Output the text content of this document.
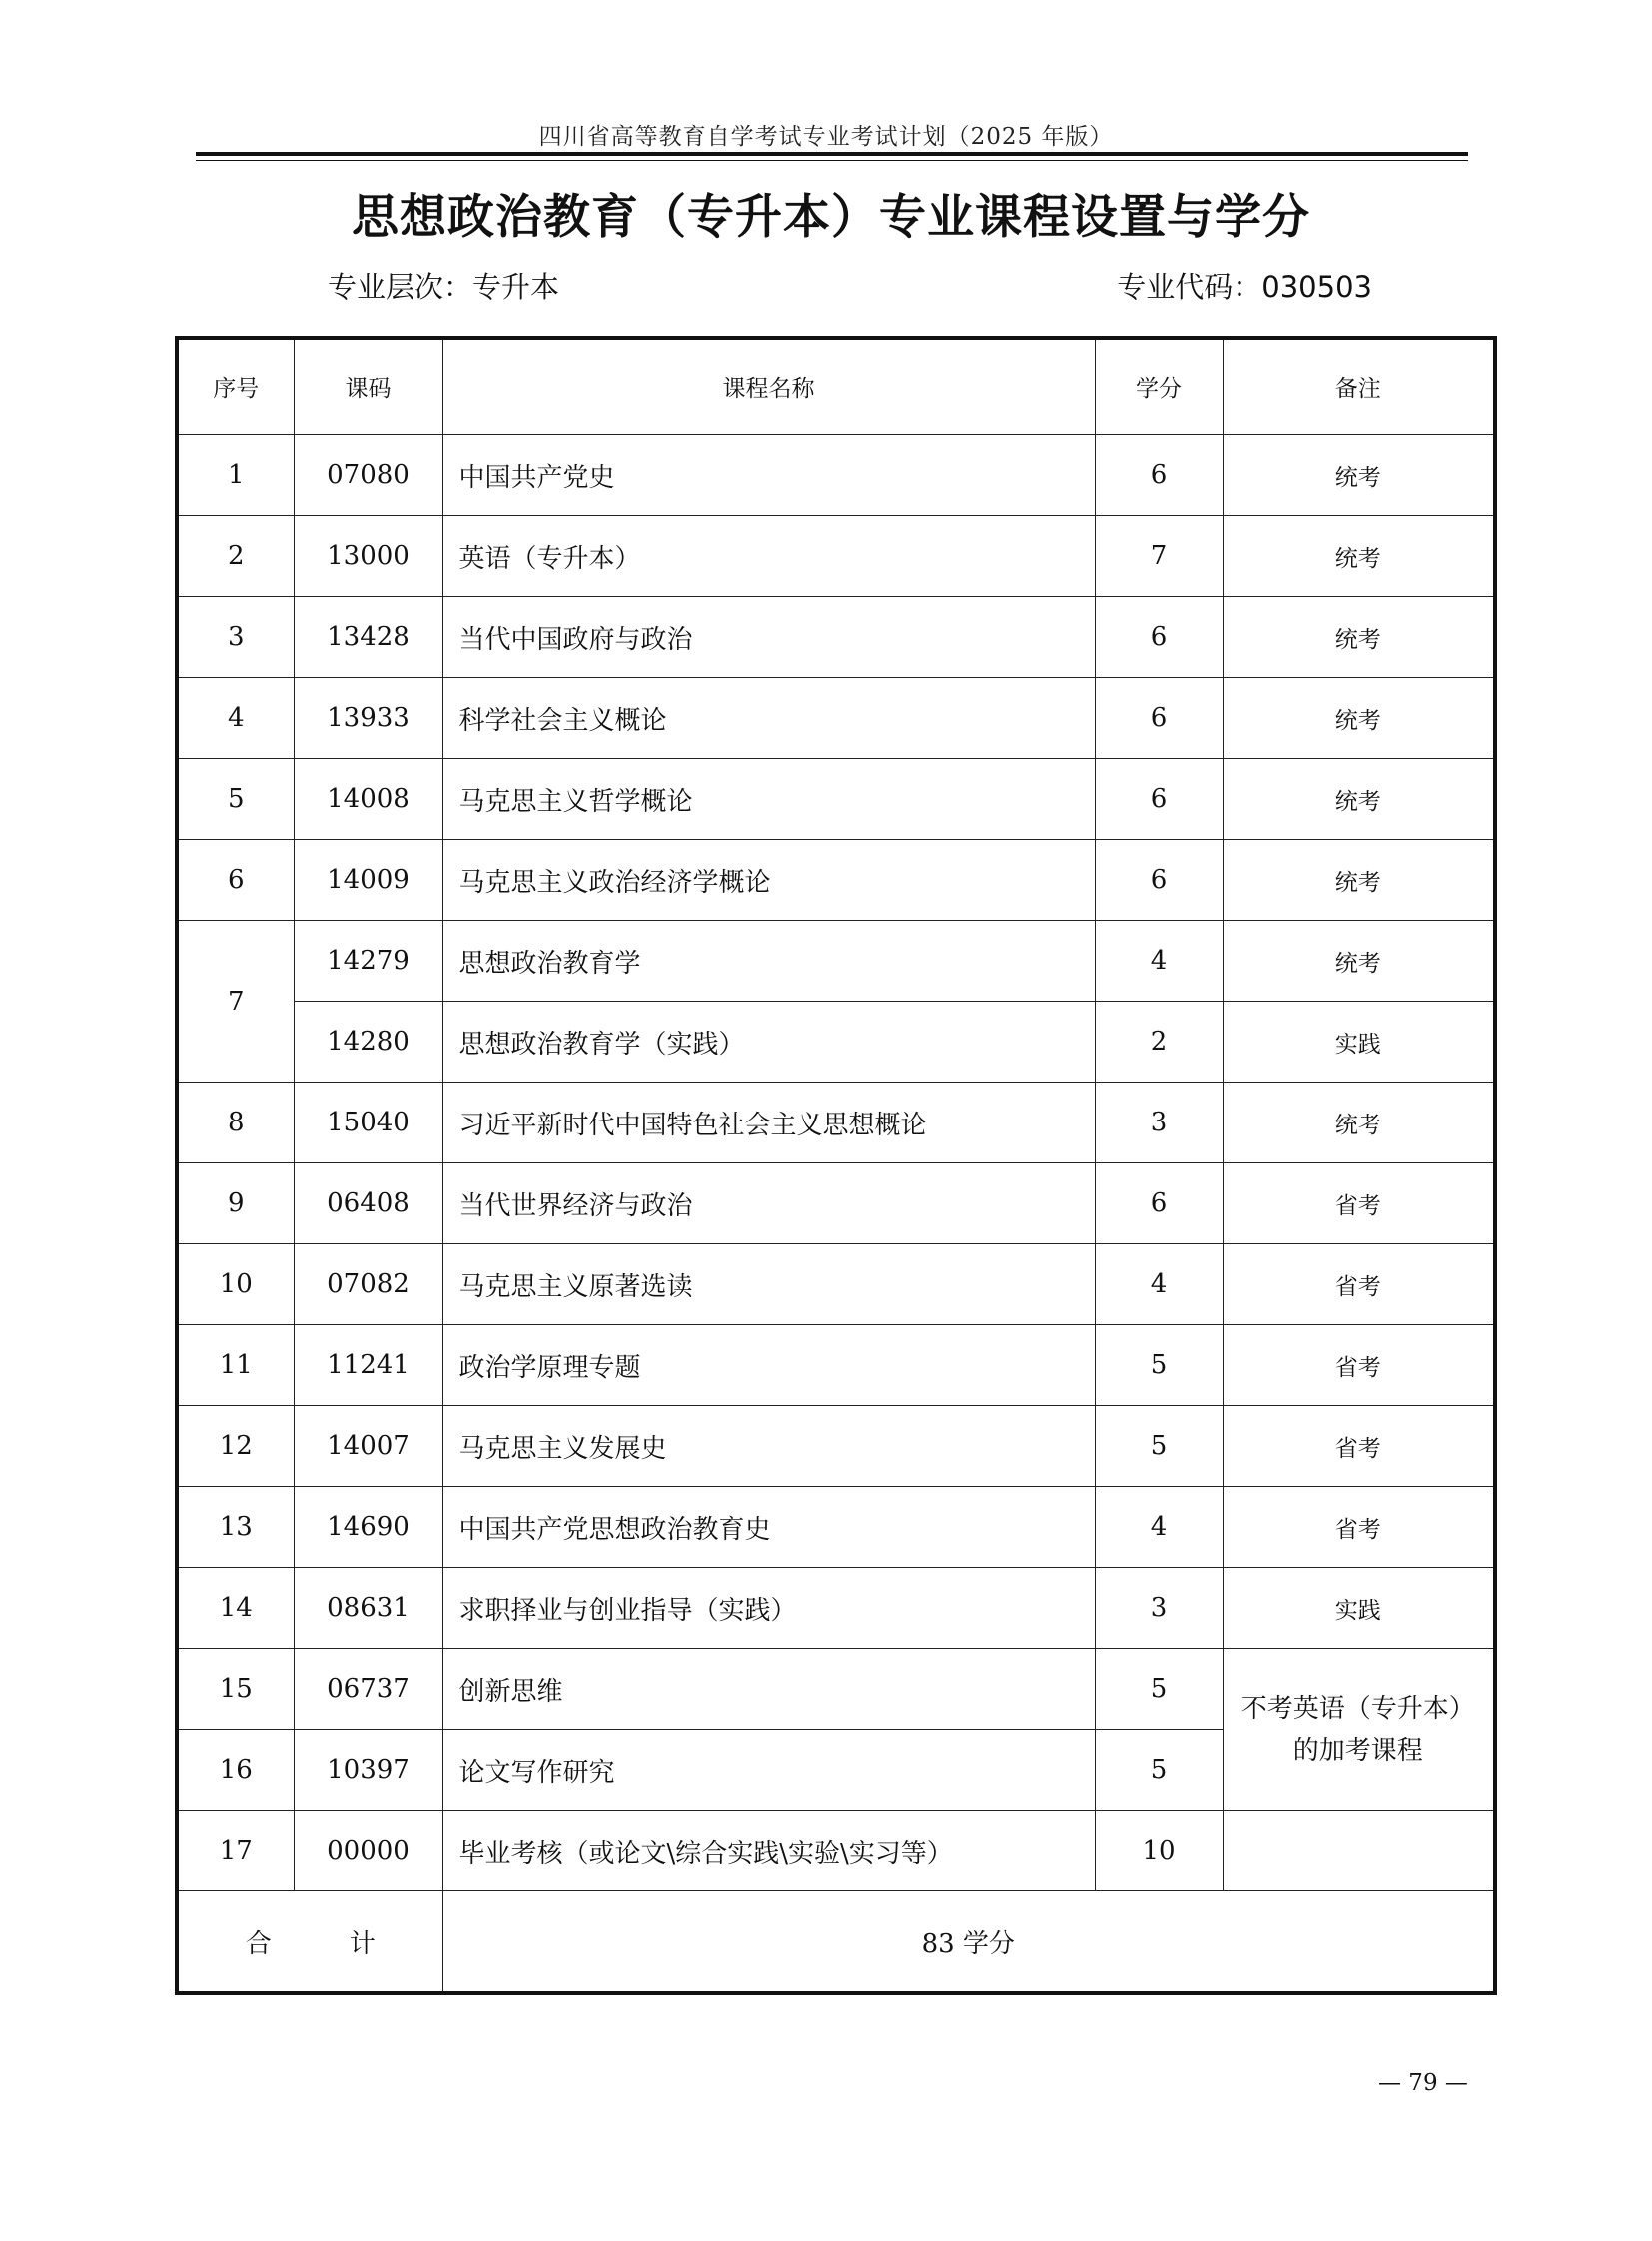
四川省高等教育自学考试专业考试计划（2025 年版）
思想政治教育（专升本）专业课程设置与学分
专业层次：专升本	专业代码：030503
序号	课码	课程名称	学分	备注
1	07080	中国共产党史	6	统考
2	13000	英语（专升本）	7	统考
3	13428	当代中国政府与政治	6	统考
4	13933	科学社会主义概论	6	统考
5	14008	马克思主义哲学概论	6	统考
6	14009	马克思主义政治经济学概论	6	统考
7	14279	思想政治教育学	4	统考
	14280	思想政治教育学（实践）	2	实践
8	15040	习近平新时代中国特色社会主义思想概论	3	统考
9	06408	当代世界经济与政治	6	省考
10	07082	马克思主义原著选读	4	省考
11	11241	政治学原理专题	5	省考
12	14007	马克思主义发展史	5	省考
13	14690	中国共产党思想政治教育史	4	省考
14	08631	求职择业与创业指导（实践）	3	实践
15	06737	创新思维	5	不考英语（专升本）
的加考课程

16	10397	论文写作研究	5	
17	00000	毕业考核（或论文\综合实践\实验\实习等）	10	
合　　　计		83 学分		
— 79 —
